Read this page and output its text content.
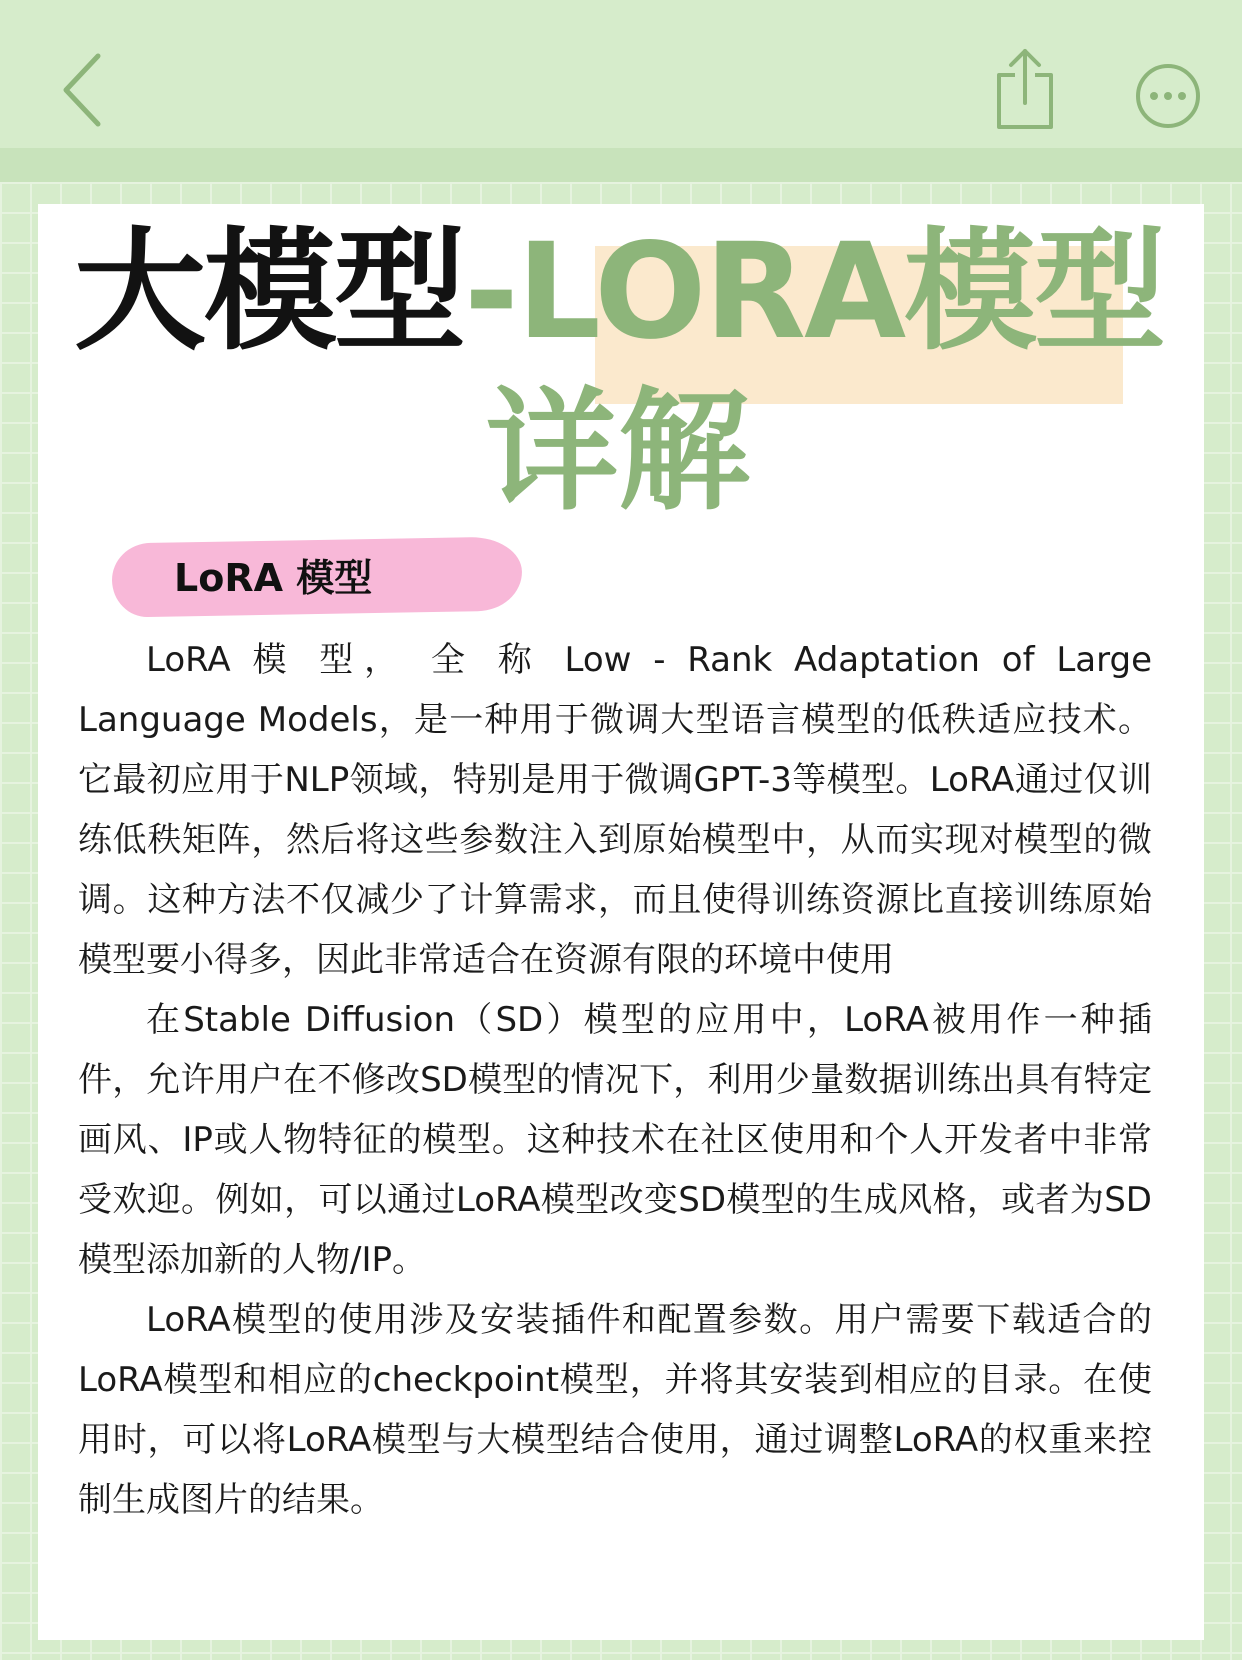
大模型-LORA模型
详解
LoRA 模型

LoRA 模 型， 全 称 Low - Rank Adaptation of Large Language Models，是一种用于微调大型语言模型的低秩适应技术。它最初应用于NLP领域，特别是用于微调GPT-3等模型。LoRA通过仅训练低秩矩阵，然后将这些参数注入到原始模型中，从而实现对模型的微调。这种方法不仅减少了计算需求，而且使得训练资源比直接训练原始模型要小得多，因此非常适合在资源有限的环境中使用

在Stable Diffusion（SD）模型的应用中，LoRA被用作一种插件，允许用户在不修改SD模型的情况下，利用少量数据训练出具有特定画风、IP或人物特征的模型。这种技术在社区使用和个人开发者中非常受欢迎。例如，可以通过LoRA模型改变SD模型的生成风格，或者为SD模型添加新的人物/IP。

LoRA模型的使用涉及安装插件和配置参数。用户需要下载适合的LoRA模型和相应的checkpoint模型，并将其安装到相应的目录。在使用时，可以将LoRA模型与大模型结合使用，通过调整LoRA的权重来控制生成图片的结果。
